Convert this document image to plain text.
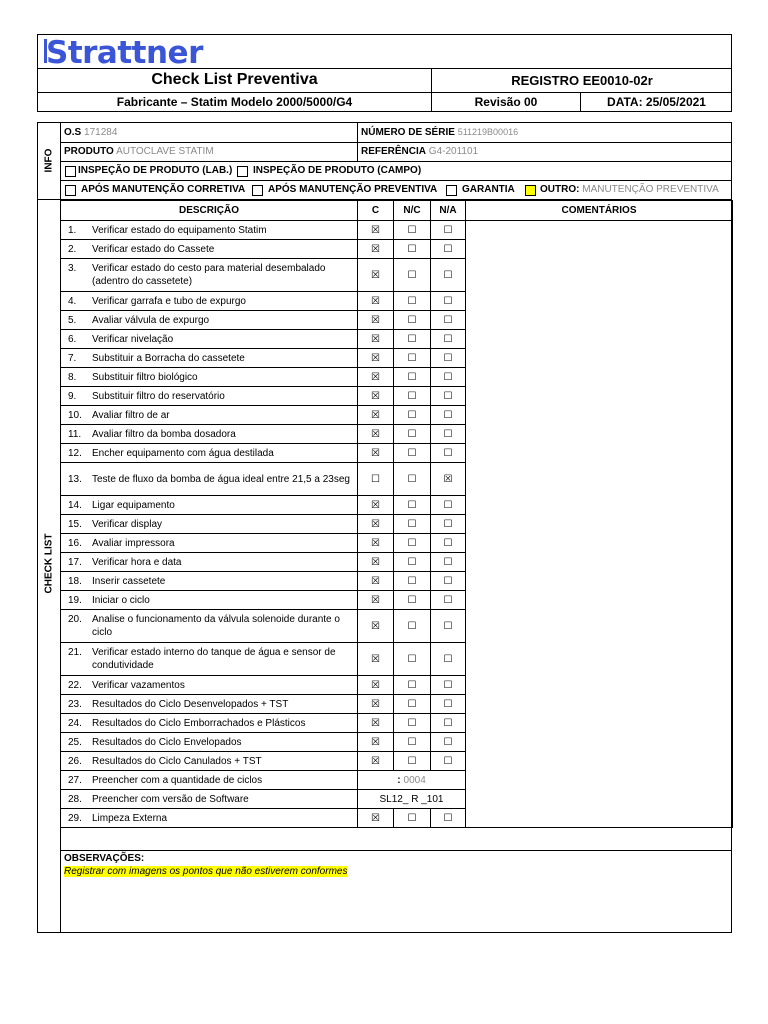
Strattner
Check List Preventiva	REGISTRO EE0010-02r
Fabricante – Statim Modelo 2000/5000/G4	Revisão 00	DATA: 25/05/2021
INFO
O.S 171284	NÚMERO DE SÉRIE 511219B00016
PRODUTO AUTOCLAVE STATIM	REFERÊNCIA G4-201101
INSPEÇÃO DE PRODUTO (LAB.) INSPEÇÃO DE PRODUTO (CAMPO)
APÓS MANUTENÇÃO CORRETIVA APÓS MANUTENÇÃO PREVENTIVA GARANTIA	OUTRO: MANUTENÇÃO PREVENTIVA
CHECK LIST
DESCRIÇÃO	C	N/C	N/A	COMENTÁRIOS

1. Verificar estado do equipamento Statim	☒	☐	☐	

2. Verificar estado do Cassete	☒	☐	☐	

3. Verificar estado do cesto para material desembalado (adentro do cassetete)	☒	☐	☐	

4. Verificar garrafa e tubo de expurgo	☒	☐	☐	

5. Avaliar válvula de expurgo	☒	☐	☐	

6. Verificar nivelação	☒	☐	☐	

7. Substituir a Borracha do cassetete	☒	☐	☐	

8. Substituir filtro biológico	☒	☐	☐	

9. Substituir filtro do reservatório	☒	☐	☐	

10. Avaliar filtro de ar	☒	☐	☐	

11. Avaliar filtro da bomba dosadora	☒	☐	☐	

12. Encher equipamento com água destilada	☒	☐	☐	

13. Teste de fluxo da bomba de água ideal entre 21,5 a 23seg	☐	☐	☒	

14. Ligar equipamento	☒	☐	☐	

15. Verificar display	☒	☐	☐	

16. Avaliar impressora	☒	☐	☐	

17. Verificar hora e data	☒	☐	☐	

18. Inserir cassetete	☒	☐	☐	

19. Iniciar o ciclo	☒	☐	☐	

20. Analise o funcionamento da válvula solenoide durante o ciclo	☒	☐	☐	

21. Verificar estado interno do tanque de água e sensor de condutividade	☒	☐	☐	

22. Verificar vazamentos	☒	☐	☐	

23. Resultados do Ciclo Desenvelopados + TST	☒	☐	☐	

24. Resultados do Ciclo Emborrachados e Plásticos	☒	☐	☐	

25. Resultados do Ciclo Envelopados	☒	☐	☐	

26. Resultados do Ciclo Canulados + TST	☒	☐	☐	

27. Preencher com a quantidade de ciclos	: 0004			

28. Preencher com versão de Software	SL12_ R _101			

29. Limpeza Externa	☒	☐	☐	
OBSERVAÇÕES:
Registrar com imagens os pontos que não estiverem conformes
